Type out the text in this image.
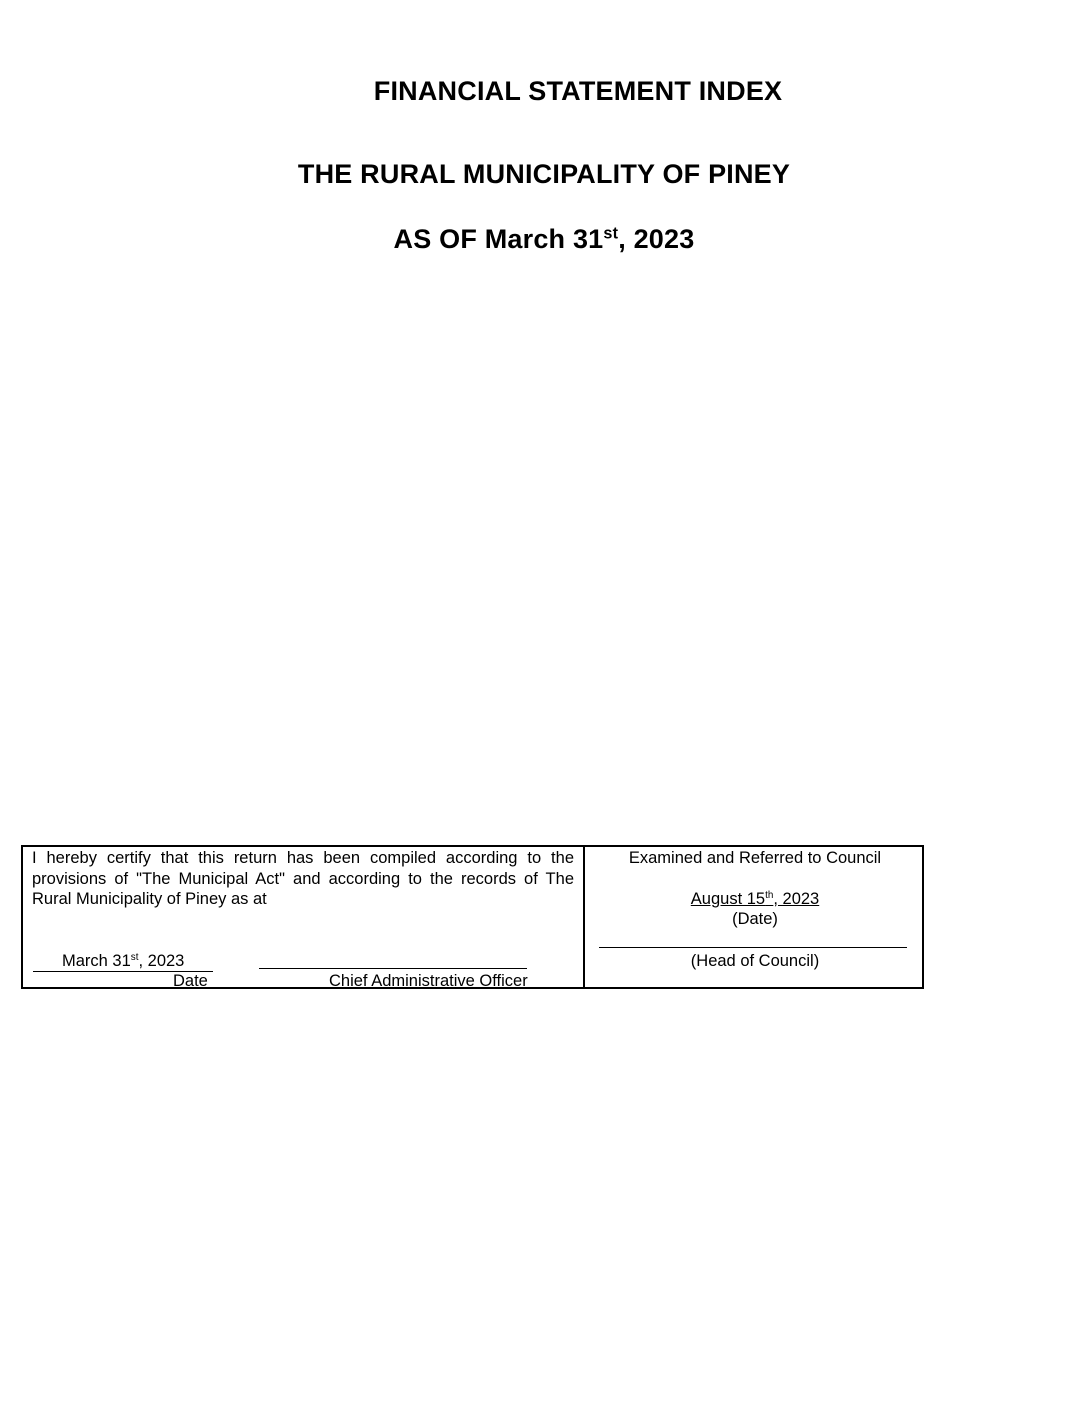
FINANCIAL STATEMENT INDEX
THE RURAL MUNICIPALITY OF PINEY
AS OF March 31st, 2023

I hereby certify that this return has been compiled according to the provisions of "The Municipal Act" and according to the records of The Rural Municipality of Piney as at

March 31st, 2023
Date	Chief Administrative Officer
Examined and Referred to Council
August 15th, 2023
(Date)
(Head of Council)
